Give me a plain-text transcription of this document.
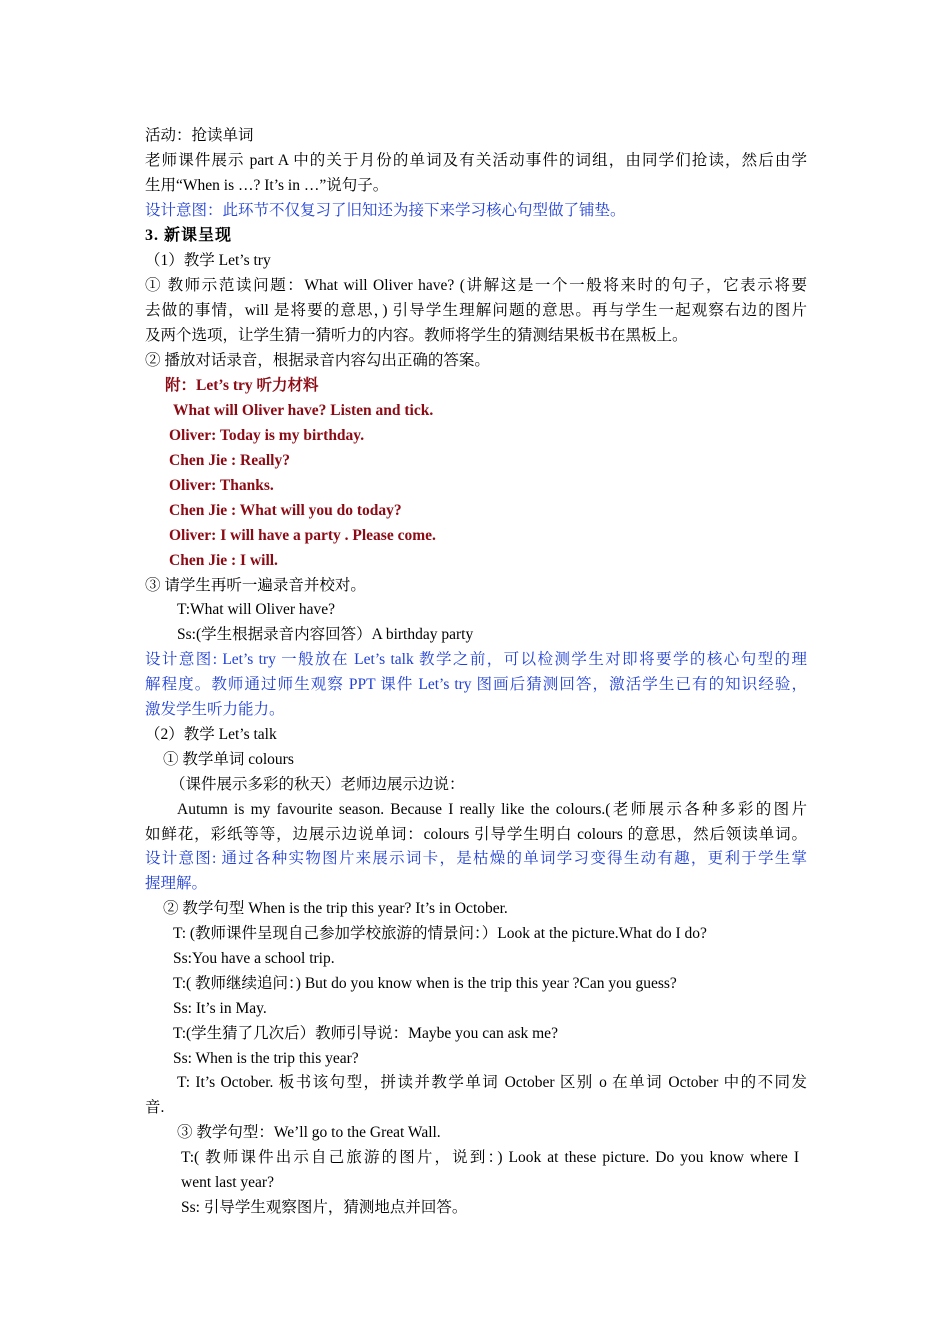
活动：抢读单词
老师课件展示 part A 中的关于月份的单词及有关活动事件的词组，由同学们抢读，然后由学
生用“When is …? It’s in …”说句子。
设计意图：此环节不仅复习了旧知还为接下来学习核心句型做了铺垫。
3. 新课呈现
（1）教学 Let’s try
① 教师示范读问题：What will Oliver have? (讲解这是一个一般将来时的句子，它表示将要
去做的事情，will 是将要的意思，) 引导学生理解问题的意思。再与学生一起观察右边的图片
及两个选项，让学生猜一猜听力的内容。教师将学生的猜测结果板书在黑板上。
② 播放对话录音，根据录音内容勾出正确的答案。
附：Let’s try 听力材料
What will Oliver have? Listen and tick.
Oliver: Today is my birthday.
Chen Jie : Really?
Oliver: Thanks.
Chen Jie : What will you do today?
Oliver: I will have a party . Please come.
Chen Jie : I will.
③ 请学生再听一遍录音并校对。
T:What will Oliver have?
Ss:(学生根据录音内容回答）A birthday party
设计意图: Let’s try 一般放在 Let’s talk 教学之前，可以检测学生对即将要学的核心句型的理
解程度。教师通过师生观察 PPT 课件 Let’s try 图画后猜测回答，激活学生已有的知识经验，
激发学生听力能力。
（2）教学 Let’s talk
① 教学单词 colours
（课件展示多彩的秋天）老师边展示边说：
Autumn is my favourite season. Because I really like the colours.(老师展示各种多彩的图片
如鲜花，彩纸等等，边展示边说单词：colours 引导学生明白 colours 的意思，然后领读单词。
设计意图: 通过各种实物图片来展示词卡，是枯燥的单词学习变得生动有趣，更利于学生掌
握理解。
② 教学句型 When is the trip this year? It’s in October.
T: (教师课件呈现自己参加学校旅游的情景问：）Look at the picture.What do I do?
Ss:You have a school trip.
T:( 教师继续追问：) But do you know when is the trip this year ?Can you guess?
Ss: It’s in May.
T:(学生猜了几次后）教师引导说：Maybe you can ask me?
Ss: When is the trip this year?
T: It’s October. 板书该句型，拼读并教学单词 October 区别 o 在单词 October 中的不同发
音.
③ 教学句型：We’ll go to the Great Wall.
T:( 教师课件出示自己旅游的图片，说到：) Look at these picture. Do you know where I
went last year?
Ss: 引导学生观察图片，猜测地点并回答。
